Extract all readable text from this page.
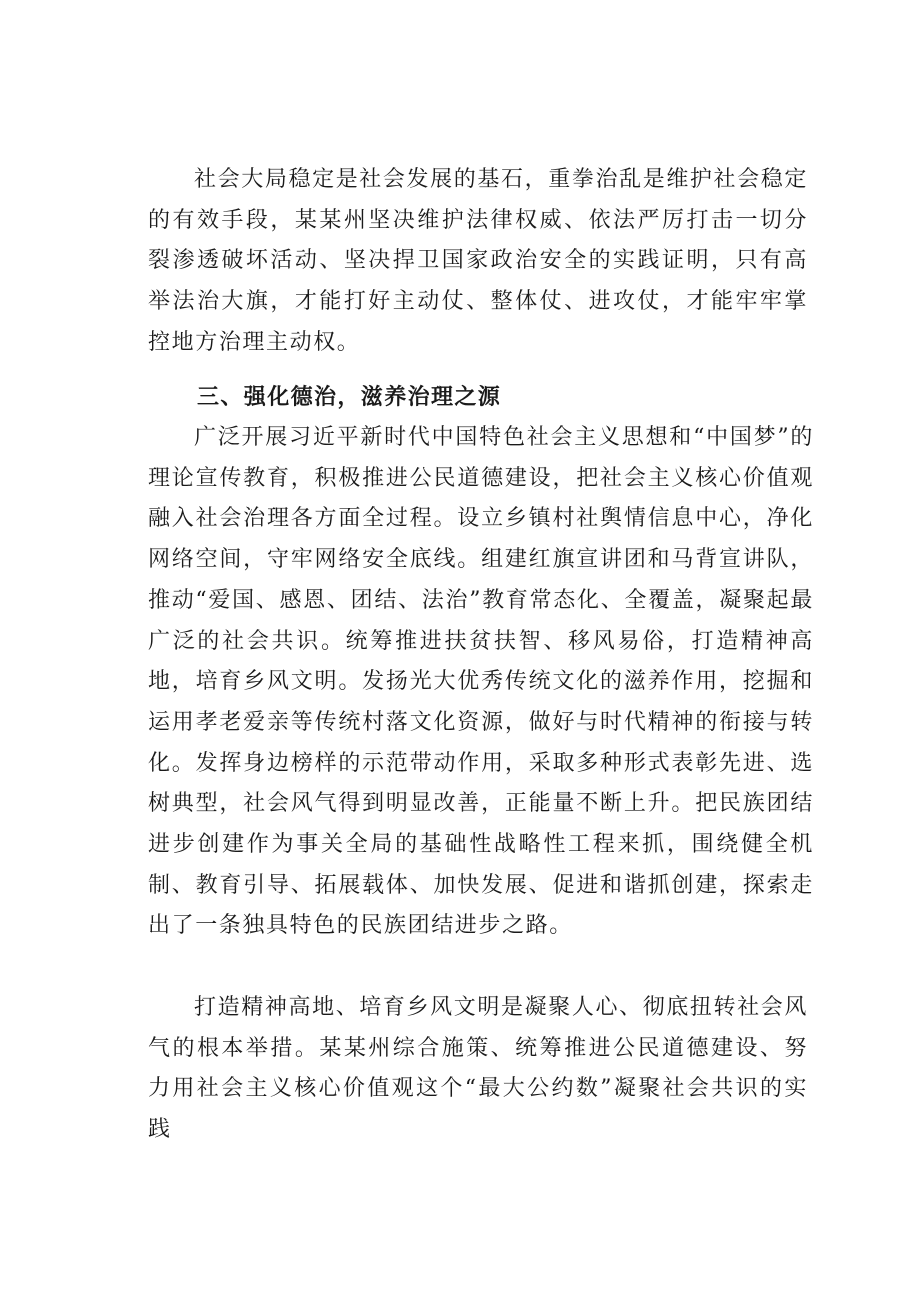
社会大局稳定是社会发展的基石，重拳治乱是维护社会稳定的有效手段，某某州坚决维护法律权威、依法严厉打击一切分裂渗透破坏活动、坚决捍卫国家政治安全的实践证明，只有高举法治大旗，才能打好主动仗、整体仗、进攻仗，才能牢牢掌控地方治理主动权。

三、强化德治，滋养治理之源

广泛开展习近平新时代中国特色社会主义思想和“中国梦”的理论宣传教育，积极推进公民道德建设，把社会主义核心价值观融入社会治理各方面全过程。设立乡镇村社舆情信息中心，净化网络空间，守牢网络安全底线。组建红旗宣讲团和马背宣讲队，推动“爱国、感恩、团结、法治”教育常态化、全覆盖，凝聚起最广泛的社会共识。统筹推进扶贫扶智、移风易俗，打造精神高地，培育乡风文明。发扬光大优秀传统文化的滋养作用，挖掘和运用孝老爱亲等传统村落文化资源，做好与时代精神的衔接与转化。发挥身边榜样的示范带动作用，采取多种形式表彰先进、选树典型，社会风气得到明显改善，正能量不断上升。把民族团结进步创建作为事关全局的基础性战略性工程来抓，围绕健全机制、教育引导、拓展载体、加快发展、促进和谐抓创建，探索走出了一条独具特色的民族团结进步之路。

打造精神高地、培育乡风文明是凝聚人心、彻底扭转社会风气的根本举措。某某州综合施策、统筹推进公民道德建设、努力用社会主义核心价值观这个“最大公约数”凝聚社会共识的实践
